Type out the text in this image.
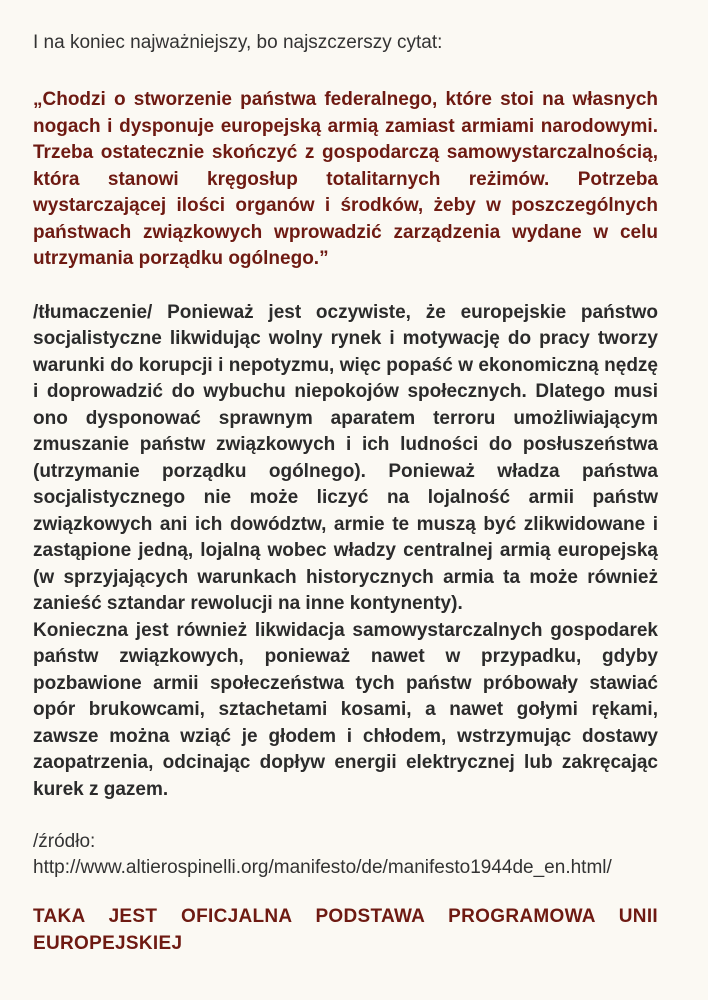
I na koniec najważniejszy, bo najszczerszy cytat:

„Chodzi o stworzenie państwa federalnego, które stoi na własnych nogach i dysponuje europejską armią zamiast armiami narodowymi. Trzeba ostatecznie skończyć z gospodarczą samowystarczalnością, która stanowi kręgosłup totalitarnych reżimów. Potrzeba wystarczającej ilości organów i środków, żeby w poszczególnych państwach związkowych wprowadzić zarządzenia wydane w celu utrzymania porządku ogólnego.”

/tłumaczenie/ Ponieważ jest oczywiste, że europejskie państwo socjalistyczne likwidując wolny rynek i motywację do pracy tworzy warunki do korupcji i nepotyzmu, więc popaść w ekonomiczną nędzę i doprowadzić do wybuchu niepokojów społecznych. Dlatego musi ono dysponować sprawnym aparatem terroru umożliwiającym zmuszanie państw związkowych i ich ludności do posłuszeństwa (utrzymanie porządku ogólnego). Ponieważ władza państwa socjalistycznego nie może liczyć na lojalność armii państw związkowych ani ich dowództw, armie te muszą być zlikwidowane i zastąpione jedną, lojalną wobec władzy centralnej armią europejską (w sprzyjających warunkach historycznych armia ta może również zanieść sztandar rewolucji na inne kontynenty).
Konieczna jest również likwidacja samowystarczalnych gospodarek państw związkowych, ponieważ nawet w przypadku, gdyby pozbawione armii społeczeństwa tych państw próbowały stawiać opór brukowcami, sztachetami kosami, a nawet gołymi rękami, zawsze można wziąć je głodem i chłodem, wstrzymując dostawy zaopatrzenia, odcinając dopływ energii elektrycznej lub zakręcając kurek z gazem.

/źródło:

http://www.altierospinelli.org/manifesto/de/manifesto1944de_en.html/

TAKA JEST OFICJALNA PODSTAWA PROGRAMOWA UNII EUROPEJSKIEJ
